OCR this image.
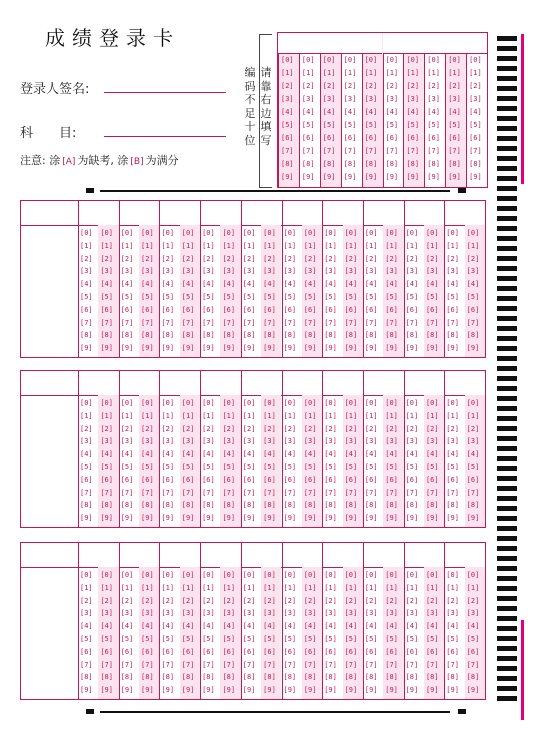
成绩登录卡
登录人签名:
科　　目:
注意: 涂 [A] 为缺考, 涂 [B] 为满分
编码不足十位
请靠右边填写
[0]
[1]
[2]
[3]
[4]
[5]
[6]
[7]
[8]
[9]
[0]
[1]
[2]
[3]
[4]
[5]
[6]
[7]
[8]
[9]
[0]
[1]
[2]
[3]
[4]
[5]
[6]
[7]
[8]
[9]
[0]
[1]
[2]
[3]
[4]
[5]
[6]
[7]
[8]
[9]
[0]
[1]
[2]
[3]
[4]
[5]
[6]
[7]
[8]
[9]
[0]
[1]
[2]
[3]
[4]
[5]
[6]
[7]
[8]
[9]
[0]
[1]
[2]
[3]
[4]
[5]
[6]
[7]
[8]
[9]
[0]
[1]
[2]
[3]
[4]
[5]
[6]
[7]
[8]
[9]
[0]
[1]
[2]
[3]
[4]
[5]
[6]
[7]
[8]
[9]
[0]
[1]
[2]
[3]
[4]
[5]
[6]
[7]
[8]
[9]
[0] [0]
[1] [1]
[2] [2]
[3] [3]
[4] [4]
[5] [5]
[6] [6]
[7] [7]
[8] [8]
[9] [9]
[0] [0]
[1] [1]
[2] [2]
[3] [3]
[4] [4]
[5] [5]
[6] [6]
[7] [7]
[8] [8]
[9] [9]
[0] [0]
[1] [1]
[2] [2]
[3] [3]
[4] [4]
[5] [5]
[6] [6]
[7] [7]
[8] [8]
[9] [9]
[0] [0]
[1] [1]
[2] [2]
[3] [3]
[4] [4]
[5] [5]
[6] [6]
[7] [7]
[8] [8]
[9] [9]
[0] [0]
[1] [1]
[2] [2]
[3] [3]
[4] [4]
[5] [5]
[6] [6]
[7] [7]
[8] [8]
[9] [9]
[0] [0]
[1] [1]
[2] [2]
[3] [3]
[4] [4]
[5] [5]
[6] [6]
[7] [7]
[8] [8]
[9] [9]
[0] [0]
[1] [1]
[2] [2]
[3] [3]
[4] [4]
[5] [5]
[6] [6]
[7] [7]
[8] [8]
[9] [9]
[0] [0]
[1] [1]
[2] [2]
[3] [3]
[4] [4]
[5] [5]
[6] [6]
[7] [7]
[8] [8]
[9] [9]
[0] [0]
[1] [1]
[2] [2]
[3] [3]
[4] [4]
[5] [5]
[6] [6]
[7] [7]
[8] [8]
[9] [9]
[0] [0]
[1] [1]
[2] [2]
[3] [3]
[4] [4]
[5] [5]
[6] [6]
[7] [7]
[8] [8]
[9] [9]
[0] [0]
[1] [1]
[2] [2]
[3] [3]
[4] [4]
[5] [5]
[6] [6]
[7] [7]
[8] [8]
[9] [9]
[0] [0]
[1] [1]
[2] [2]
[3] [3]
[4] [4]
[5] [5]
[6] [6]
[7] [7]
[8] [8]
[9] [9]
[0] [0]
[1] [1]
[2] [2]
[3] [3]
[4] [4]
[5] [5]
[6] [6]
[7] [7]
[8] [8]
[9] [9]
[0] [0]
[1] [1]
[2] [2]
[3] [3]
[4] [4]
[5] [5]
[6] [6]
[7] [7]
[8] [8]
[9] [9]
[0] [0]
[1] [1]
[2] [2]
[3] [3]
[4] [4]
[5] [5]
[6] [6]
[7] [7]
[8] [8]
[9] [9]
[0] [0]
[1] [1]
[2] [2]
[3] [3]
[4] [4]
[5] [5]
[6] [6]
[7] [7]
[8] [8]
[9] [9]
[0] [0]
[1] [1]
[2] [2]
[3] [3]
[4] [4]
[5] [5]
[6] [6]
[7] [7]
[8] [8]
[9] [9]
[0] [0]
[1] [1]
[2] [2]
[3] [3]
[4] [4]
[5] [5]
[6] [6]
[7] [7]
[8] [8]
[9] [9]
[0] [0]
[1] [1]
[2] [2]
[3] [3]
[4] [4]
[5] [5]
[6] [6]
[7] [7]
[8] [8]
[9] [9]
[0] [0]
[1] [1]
[2] [2]
[3] [3]
[4] [4]
[5] [5]
[6] [6]
[7] [7]
[8] [8]
[9] [9]
[0] [0]
[1] [1]
[2] [2]
[3] [3]
[4] [4]
[5] [5]
[6] [6]
[7] [7]
[8] [8]
[9] [9]
[0] [0]
[1] [1]
[2] [2]
[3] [3]
[4] [4]
[5] [5]
[6] [6]
[7] [7]
[8] [8]
[9] [9]
[0] [0]
[1] [1]
[2] [2]
[3] [3]
[4] [4]
[5] [5]
[6] [6]
[7] [7]
[8] [8]
[9] [9]
[0] [0]
[1] [1]
[2] [2]
[3] [3]
[4] [4]
[5] [5]
[6] [6]
[7] [7]
[8] [8]
[9] [9]
[0] [0]
[1] [1]
[2] [2]
[3] [3]
[4] [4]
[5] [5]
[6] [6]
[7] [7]
[8] [8]
[9] [9]
[0] [0]
[1] [1]
[2] [2]
[3] [3]
[4] [4]
[5] [5]
[6] [6]
[7] [7]
[8] [8]
[9] [9]
[0] [0]
[1] [1]
[2] [2]
[3] [3]
[4] [4]
[5] [5]
[6] [6]
[7] [7]
[8] [8]
[9] [9]
[0] [0]
[1] [1]
[2] [2]
[3] [3]
[4] [4]
[5] [5]
[6] [6]
[7] [7]
[8] [8]
[9] [9]
[0] [0]
[1] [1]
[2] [2]
[3] [3]
[4] [4]
[5] [5]
[6] [6]
[7] [7]
[8] [8]
[9] [9]
[0] [0]
[1] [1]
[2] [2]
[3] [3]
[4] [4]
[5] [5]
[6] [6]
[7] [7]
[8] [8]
[9] [9]
